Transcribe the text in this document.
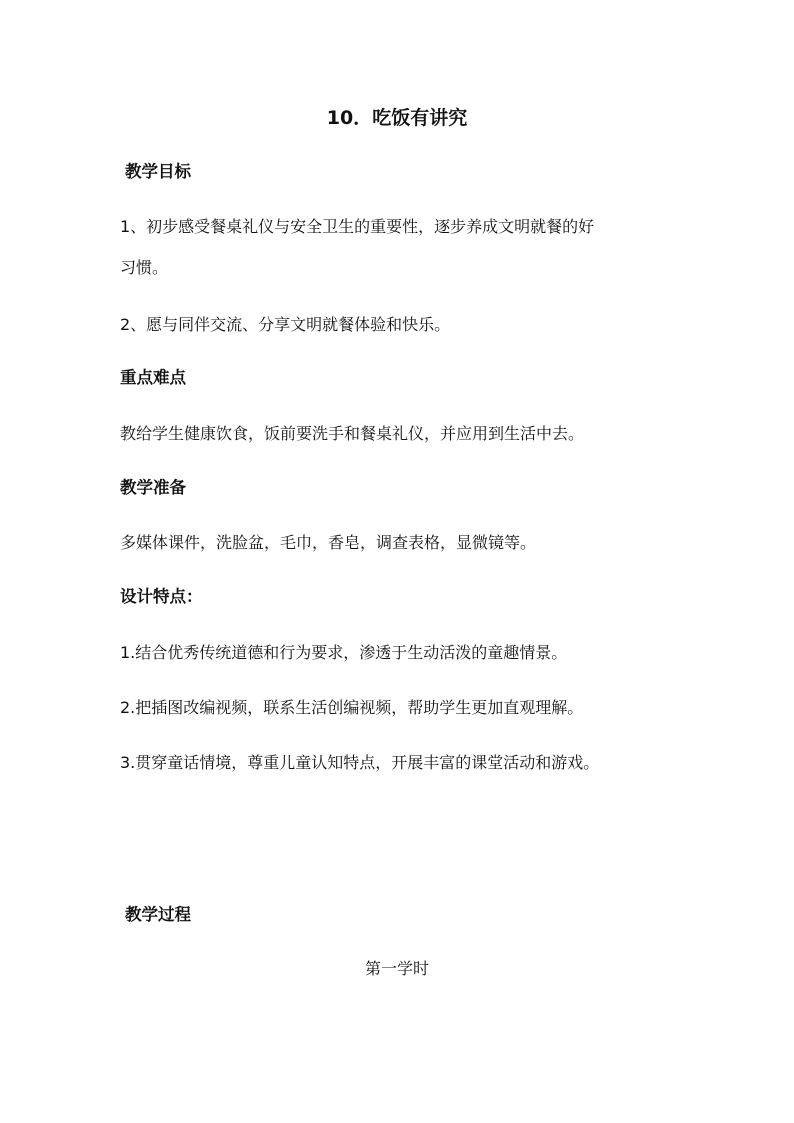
10．吃饭有讲究
教学目标
1、初步感受餐桌礼仪与安全卫生的重要性，逐步养成文明就餐的好
习惯。
2、愿与同伴交流、分享文明就餐体验和快乐。
重点难点
教给学生健康饮食，饭前要洗手和餐桌礼仪，并应用到生活中去。
教学准备
多媒体课件，洗脸盆，毛巾，香皂，调查表格，显微镜等。
设计特点：
1.结合优秀传统道德和行为要求，渗透于生动活泼的童趣情景。
2.把插图改编视频，联系生活创编视频，帮助学生更加直观理解。
3.贯穿童话情境，尊重儿童认知特点，开展丰富的课堂活动和游戏。
教学过程
第一学时
